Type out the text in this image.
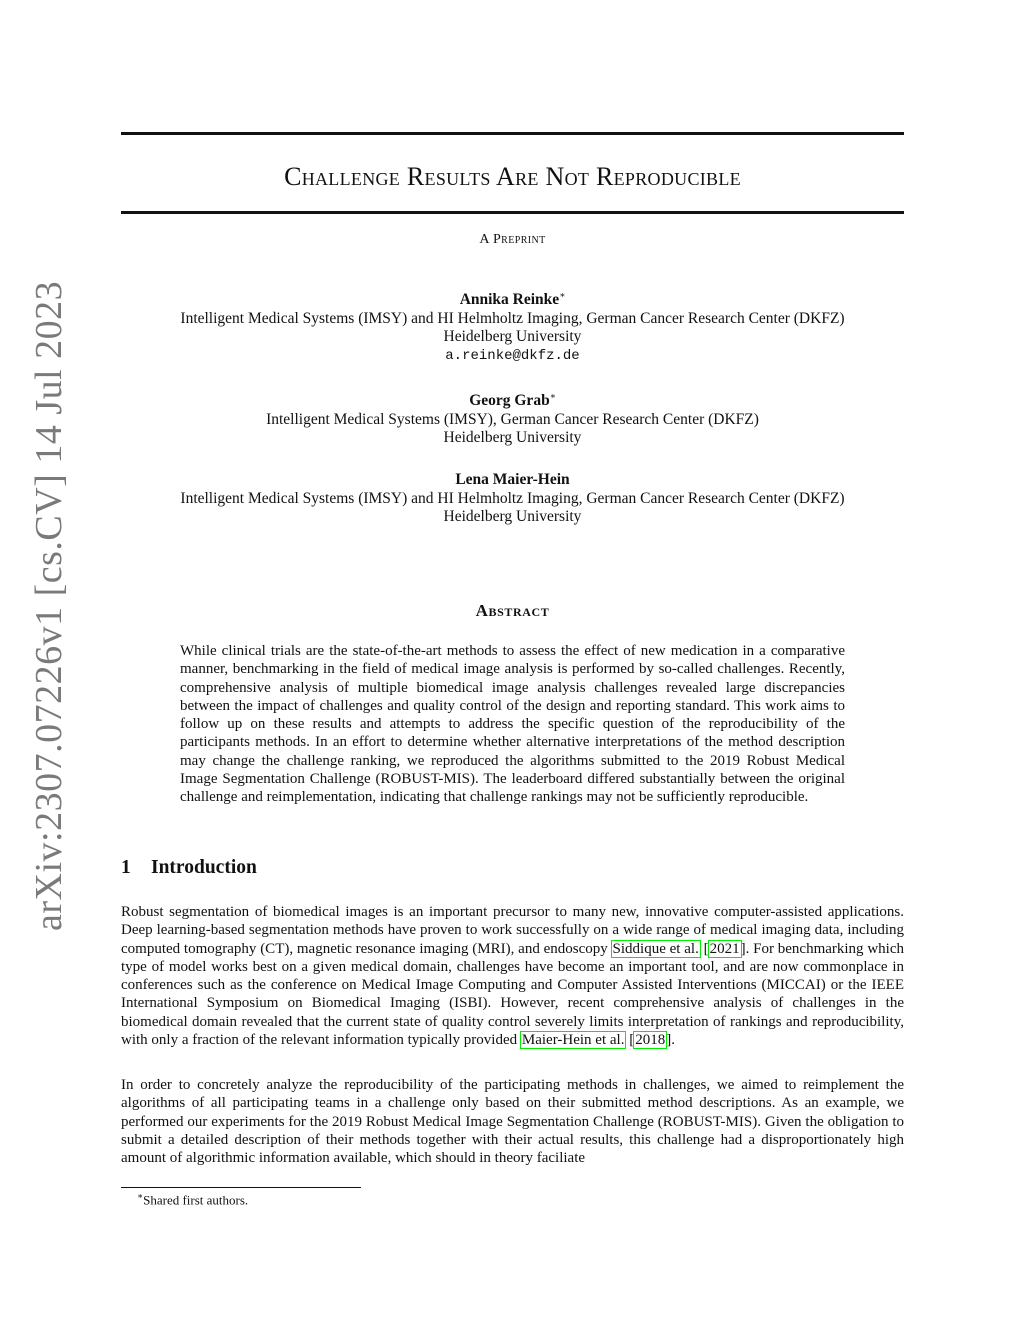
Challenge Results Are Not Reproducible
A Preprint
Annika Reinke∗
Intelligent Medical Systems (IMSY) and HI Helmholtz Imaging, German Cancer Research Center (DKFZ)
Heidelberg University
a.reinke@dkfz.de
Georg Grab∗
Intelligent Medical Systems (IMSY), German Cancer Research Center (DKFZ)
Heidelberg University
Lena Maier-Hein
Intelligent Medical Systems (IMSY) and HI Helmholtz Imaging, German Cancer Research Center (DKFZ)
Heidelberg University
arXiv:2307.07226v1 [cs.CV] 14 Jul 2023	Abstract

While clinical trials are the state-of-the-art methods to assess the effect of new medication in a comparative manner, benchmarking in the field of medical image analysis is performed by so-called challenges. Recently, comprehensive analysis of multiple biomedical image analysis challenges revealed large discrepancies between the impact of challenges and quality control of the design and reporting standard. This work aims to follow up on these results and attempts to address the specific question of the reproducibility of the participants methods. In an effort to determine whether alternative interpretations of the method description may change the challenge ranking, we reproduced the algorithms submitted to the 2019 Robust Medical Image Segmentation Challenge (ROBUST-MIS). The leaderboard differed substantially between the original challenge and reimplementation, indicating that challenge rankings may not be sufficiently reproducible.

1 Introduction

Robust segmentation of biomedical images is an important precursor to many new, innovative computer-assisted applications. Deep learning-based segmentation methods have proven to work successfully on a wide range of medical imaging data, including computed tomography (CT), magnetic resonance imaging (MRI), and endoscopy Siddique et al. [2021]. For benchmarking which type of model works best on a given medical domain, challenges have become an important tool, and are now commonplace in conferences such as the conference on Medical Image Computing and Computer Assisted Interventions (MICCAI) or the IEEE International Symposium on Biomedical Imaging (ISBI). However, recent comprehensive analysis of challenges in the biomedical domain revealed that the current state of quality control severely limits interpretation of rankings and reproducibility, with only a fraction of the relevant information typically provided Maier-Hein et al. [2018].

In order to concretely analyze the reproducibility of the participating methods in challenges, we aimed to reimplement the algorithms of all participating teams in a challenge only based on their submitted method descriptions. As an example, we performed our experiments for the 2019 Robust Medical Image Segmentation Challenge (ROBUST-MIS). Given the obligation to submit a detailed description of their methods together with their actual results, this challenge had a disproportionately high amount of algorithmic information available, which should in theory faciliate

∗Shared first authors.
